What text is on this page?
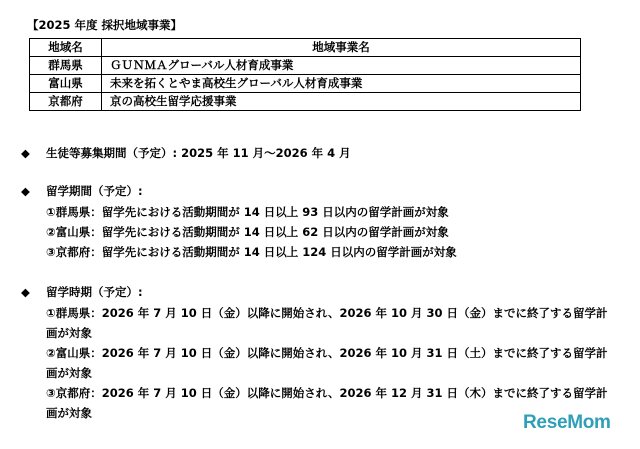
【2025 年度 採択地域事業】
地域名	地域事業名
群馬県	ＧＵＮＭＡグローバル人材育成事業
富山県	未来を拓くとやま高校生グローバル人材育成事業
京都府	京の高校生留学応援事業
◆ 生徒等募集期間（予定）: 2025 年 11 月～2026 年 4 月
◆ 留学期間（予定）:
①群馬県：留学先における活動期間が 14 日以上 93 日以内の留学計画が対象
②富山県：留学先における活動期間が 14 日以上 62 日以内の留学計画が対象
③京都府：留学先における活動期間が 14 日以上 124 日以内の留学計画が対象
◆ 留学時期（予定）:
①群馬県：2026 年 7 月 10 日（金）以降に開始され、2026 年 10 月 30 日（金）までに終了する留学計
画が対象
②富山県：2026 年 7 月 10 日（金）以降に開始され、2026 年 10 月 31 日（土）までに終了する留学計
画が対象
③京都府：2026 年 7 月 10 日（金）以降に開始され、2026 年 12 月 31 日（木）までに終了する留学計
画が対象	ReseMom
